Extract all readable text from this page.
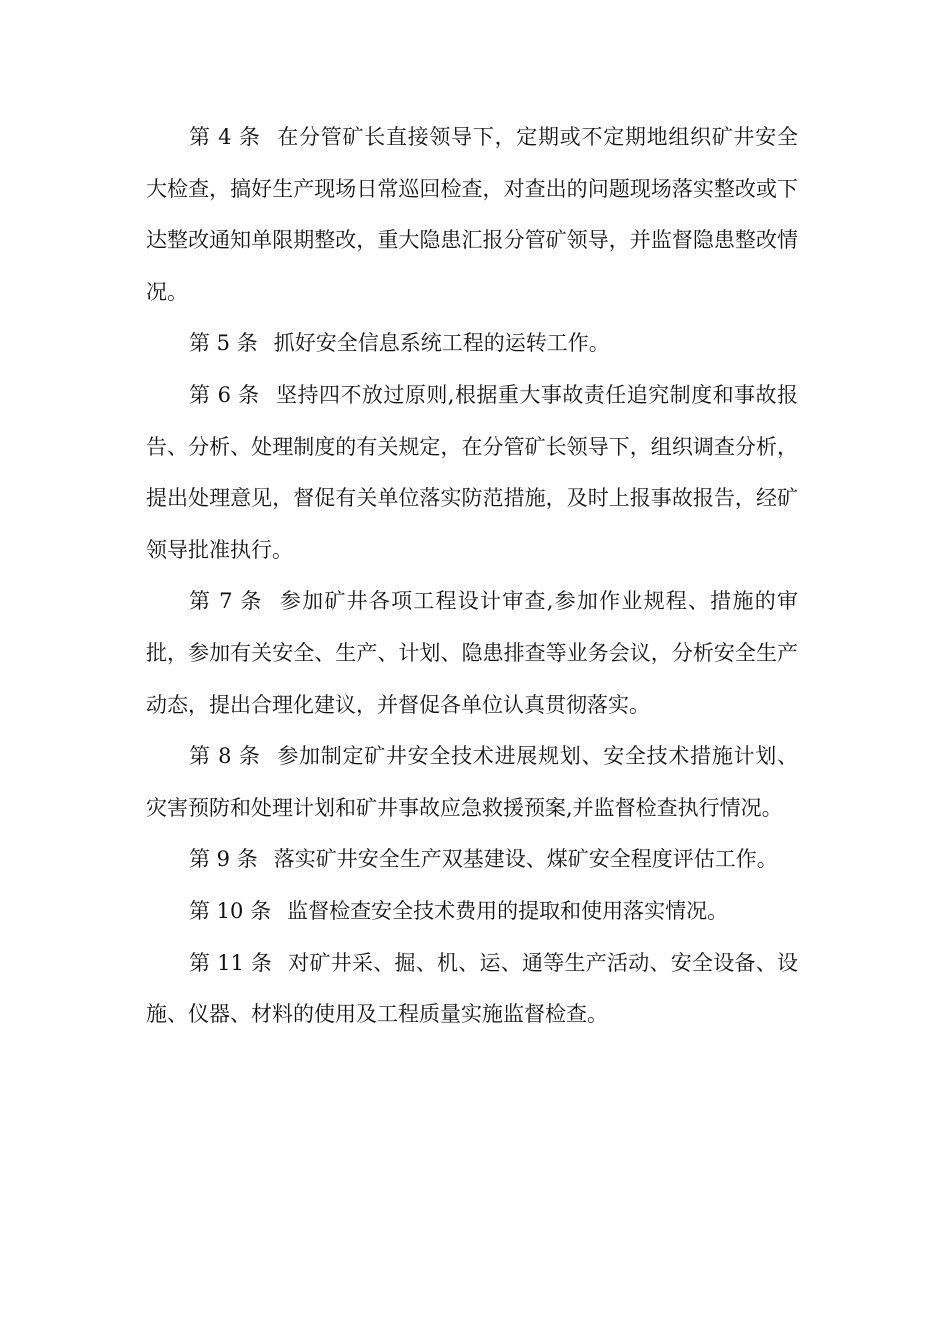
第 4 条 在分管矿长直接领导下，定期或不定期地组织矿井安全大检查，搞好生产现场日常巡回检查，对查出的问题现场落实整改或下达整改通知单限期整改，重大隐患汇报分管矿领导，并监督隐患整改情况。

第 5 条 抓好安全信息系统工程的运转工作。

第 6 条 坚持四不放过原则,根据重大事故责任追究制度和事故报告、分析、处理制度的有关规定，在分管矿长领导下，组织调查分析，提出处理意见，督促有关单位落实防范措施，及时上报事故报告，经矿领导批准执行。

第 7 条 参加矿井各项工程设计审查,参加作业规程、措施的审批，参加有关安全、生产、计划、隐患排查等业务会议，分析安全生产动态，提出合理化建议，并督促各单位认真贯彻落实。

第 8 条 参加制定矿井安全技术进展规划、安全技术措施计划、灾害预防和处理计划和矿井事故应急救援预案,并监督检查执行情况。

第 9 条 落实矿井安全生产双基建设、煤矿安全程度评估工作。

第 10 条 监督检查安全技术费用的提取和使用落实情况。

第 11 条 对矿井采、掘、机、运、通等生产活动、安全设备、设施、仪器、材料的使用及工程质量实施监督检查。
